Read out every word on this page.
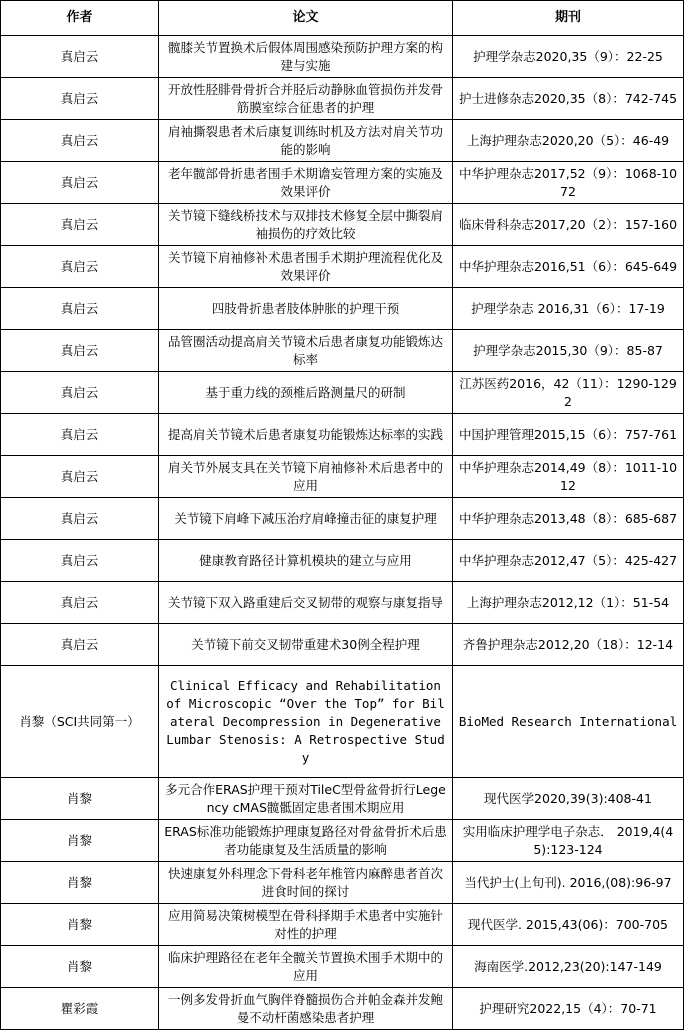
作者	论文	期刊
真启云	髋膝关节置换术后假体周围感染预防护理方案的构建与实施	护理学杂志2020,35（9）：22-25
真启云	开放性胫腓骨骨折合并胫后动静脉血管损伤并发骨筋膜室综合征患者的护理	护士进修杂志2020,35（8）：742-745
真启云	肩袖撕裂患者术后康复训练时机及方法对肩关节功能的影响	上海护理杂志2020,20（5）：46-49
真启云	老年髋部骨折患者围手术期谵妄管理方案的实施及效果评价	中华护理杂志2017,52（9）：1068-1072
真启云	关节镜下缝线桥技术与双排技术修复全层中撕裂肩袖损伤的疗效比较	临床骨科杂志2017,20（2）：157-160
真启云	关节镜下肩袖修补术患者围手术期护理流程优化及效果评价	中华护理杂志2016,51（6）：645-649
真启云	四肢骨折患者肢体肿胀的护理干预	护理学杂志 2016,31（6）：17-19
真启云	品管圈活动提高肩关节镜术后患者康复功能锻炼达标率	护理学杂志2015,30（9）：85-87
真启云	基于重力线的颈椎后路测量尺的研制	江苏医药2016，42（11）：1290-1292
真启云	提高肩关节镜术后患者康复功能锻炼达标率的实践	中国护理管理2015,15（6）：757-761
真启云	肩关节外展支具在关节镜下肩袖修补术后患者中的应用	中华护理杂志2014,49（8）：1011-1012
真启云	关节镜下肩峰下减压治疗肩峰撞击征的康复护理	中华护理杂志2013,48（8）：685-687
真启云	健康教育路径计算机模块的建立与应用	中华护理杂志2012,47（5）：425-427
真启云	关节镜下双入路重建后交叉韧带的观察与康复指导	上海护理杂志2012,12（1）：51-54
真启云	关节镜下前交叉韧带重建术30例全程护理	齐鲁护理杂志2012,20（18）：12-14
肖黎（SCI共同第一）	Clinical Efficacy and Rehabilitation of Microscopic “Over the Top” for Bilateral Decompression in Degenerative Lumbar Stenosis: A Retrospective Study	BioMed Research International
肖黎	多元合作ERAS护理干预对TileC型骨盆骨折行Legency cMAS髋骶固定患者围术期应用	现代医学2020,39(3):408-41
肖黎	ERAS标准功能锻炼护理康复路径对骨盆骨折术后患者功能康复及生活质量的影响	实用临床护理学电子杂志． 2019,4(45):123-124
肖黎	快速康复外科理念下骨科老年椎管内麻醉患者首次进食时间的探讨	当代护士(上旬刊). 2016,(08):96-97
肖黎	应用简易决策树模型在骨科择期手术患者中实施针对性的护理	现代医学. 2015,43(06)：700-705
肖黎	临床护理路径在老年全髋关节置换术围手术期中的应用	海南医学.2012,23(20):147-149
瞿彩霞	一例多发骨折血气胸伴脊髓损伤合并帕金森并发鲍曼不动杆菌感染患者护理	护理研究2022,15（4）：70-71
